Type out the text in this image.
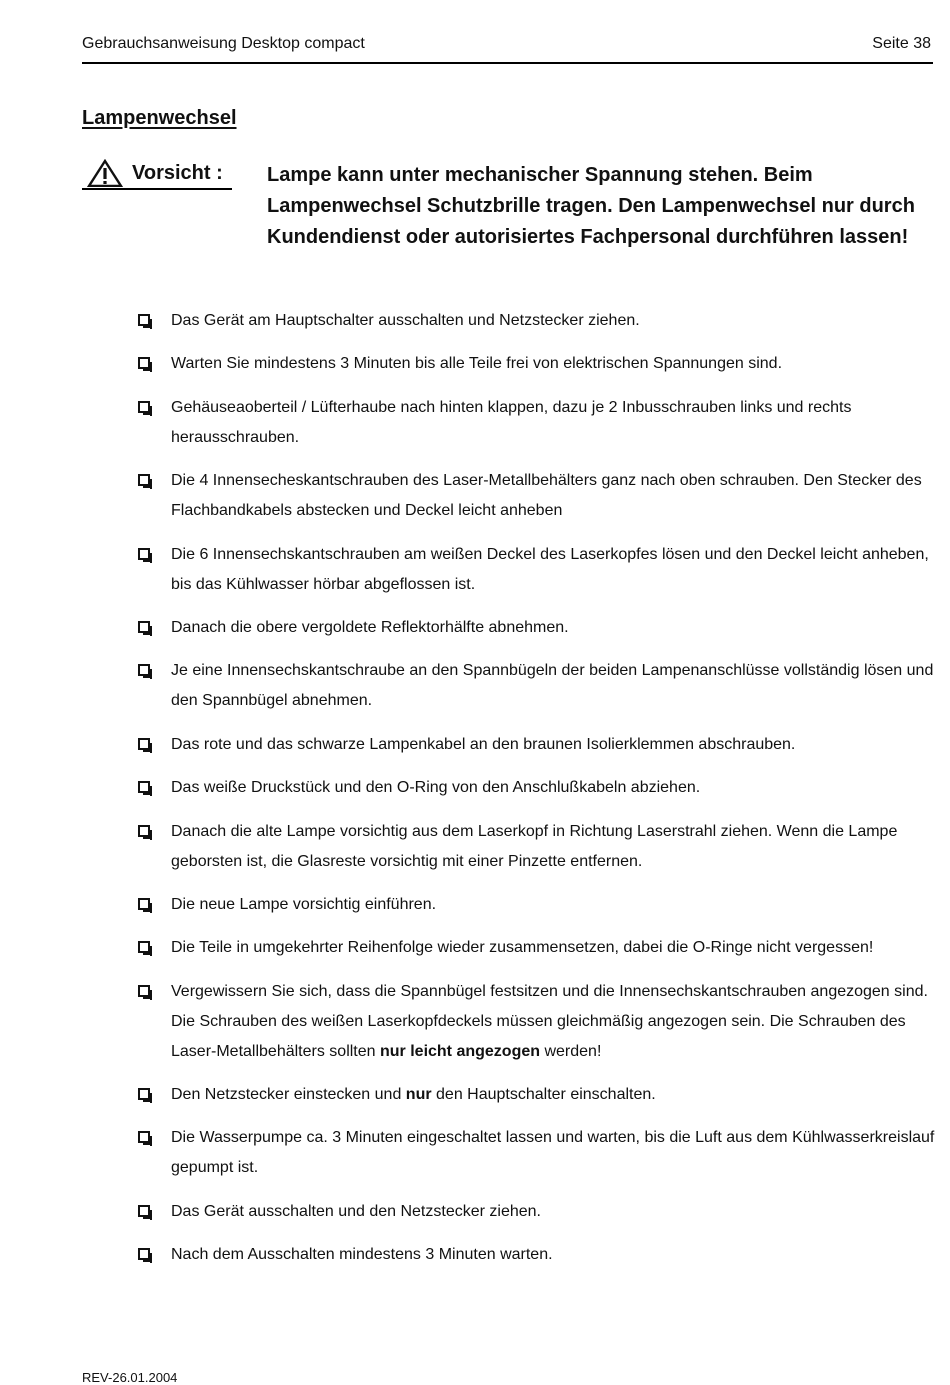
Gebrauchsanweisung Desktop compact	Seite 38
Lampenwechsel
Vorsicht : Lampe kann unter mechanischer Spannung stehen. Beim Lampenwechsel Schutzbrille tragen. Den Lampenwechsel nur durch Kundendienst oder autorisiertes Fachpersonal durchführen lassen!
Das Gerät am Hauptschalter ausschalten und Netzstecker ziehen.
Warten Sie mindestens 3 Minuten bis alle Teile frei von elektrischen Spannungen sind.
Gehäuseaoberteil / Lüfterhaube nach hinten klappen, dazu je 2 Inbusschrauben links und rechts herausschrauben.
Die 4 Innensecheskantschrauben des Laser-Metallbehälters ganz nach oben schrauben. Den Stecker des Flachbandkabels abstecken und Deckel leicht anheben
Die 6 Innensechskantschrauben am weißen Deckel des Laserkopfes lösen und den Deckel leicht anheben, bis das Kühlwasser hörbar abgeflossen ist.
Danach die obere vergoldete Reflektorhälfte abnehmen.
Je eine Innensechskantschraube an den Spannbügeln der beiden Lampenanschlüsse vollständig lösen und den Spannbügel abnehmen.
Das rote und das schwarze Lampenkabel an den braunen Isolierklemmen abschrauben.
Das weiße Druckstück und den O-Ring von den Anschlußkabeln abziehen.
Danach die alte Lampe vorsichtig aus dem Laserkopf in Richtung Laserstrahl ziehen. Wenn die Lampe geborsten ist, die Glasreste vorsichtig mit einer Pinzette entfernen.
Die neue Lampe vorsichtig einführen.
Die Teile in umgekehrter Reihenfolge wieder zusammensetzen, dabei die O-Ringe nicht vergessen!
Vergewissern Sie sich, dass die Spannbügel festsitzen und die Innensechskantschrauben angezogen sind. Die Schrauben des weißen Laserkopfdeckels müssen gleichmäßig angezogen sein. Die Schrauben des Laser-Metallbehälters sollten nur leicht angezogen werden!
Den Netzstecker einstecken und nur den Hauptschalter einschalten.
Die Wasserpumpe ca. 3 Minuten eingeschaltet lassen und warten, bis die Luft aus dem Kühlwasserkreislauf gepumpt ist.
Das Gerät ausschalten und den Netzstecker ziehen.
Nach dem Ausschalten mindestens 3 Minuten warten.
REV-26.01.2004
